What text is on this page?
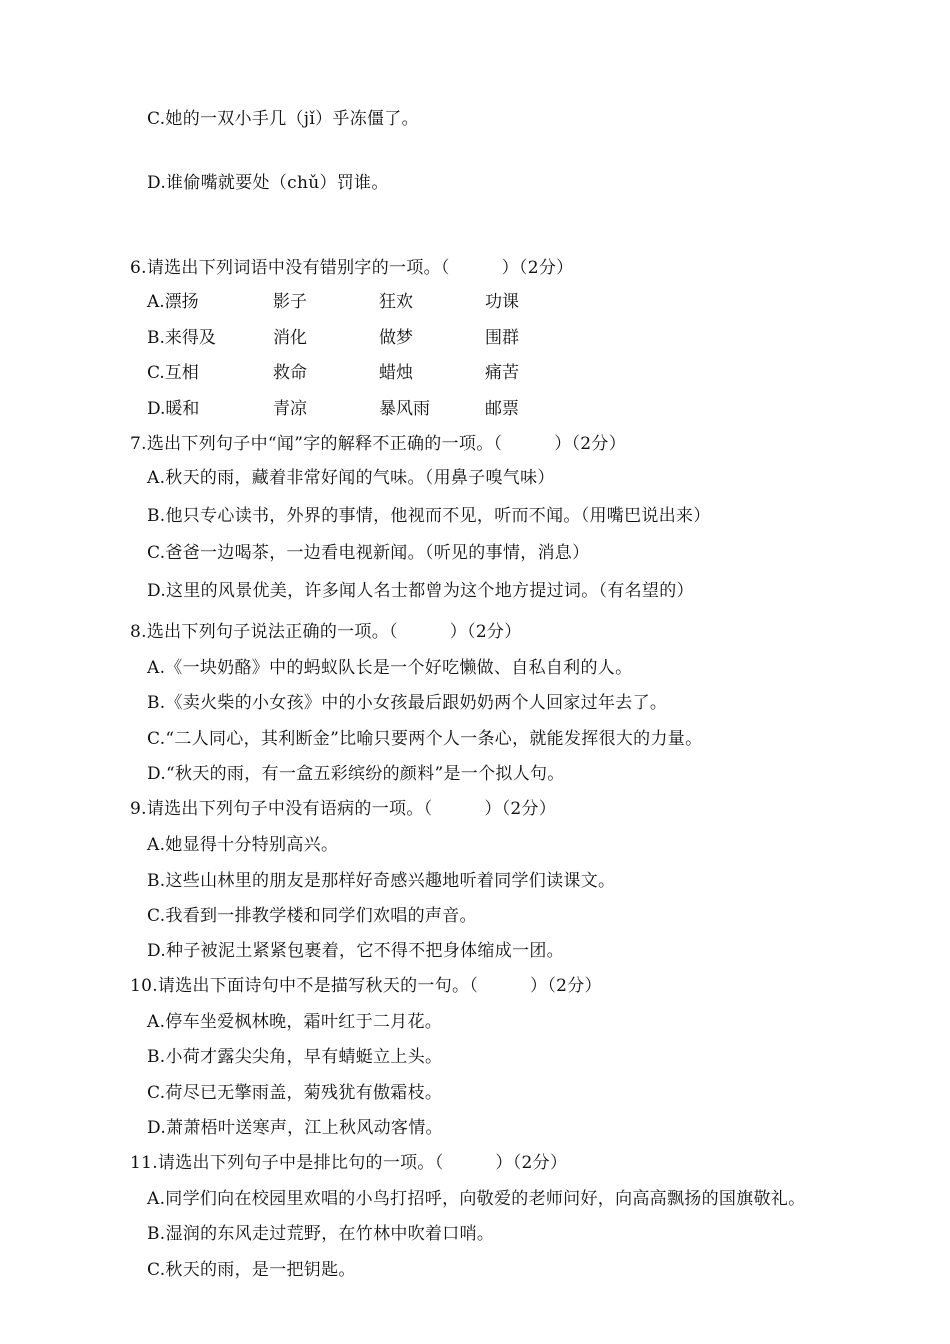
C.她的一双小手几（jǐ）乎冻僵了。
D.谁偷嘴就要处（chǔ）罚谁。
6.请选出下列词语中没有错别字的一项。（　　　）（2分）
A.漂扬	影子	狂欢	功课
B.来得及	消化	做梦	围群
C.互相	救命	蜡烛	痛苦
D.暖和	青凉	暴风雨	邮票
7.选出下列句子中“闻”字的解释不正确的一项。（　　　）（2分）
A.秋天的雨，藏着非常好闻的气味。（用鼻子嗅气味）
B.他只专心读书，外界的事情，他视而不见，听而不闻。（用嘴巴说出来）
C.爸爸一边喝茶，一边看电视新闻。（听见的事情，消息）
D.这里的风景优美，许多闻人名士都曾为这个地方提过词。（有名望的）
8.选出下列句子说法正确的一项。（　　　）（2分）
A.《一块奶酪》中的蚂蚁队长是一个好吃懒做、自私自利的人。
B.《卖火柴的小女孩》中的小女孩最后跟奶奶两个人回家过年去了。
C.“二人同心，其利断金”比喻只要两个人一条心，就能发挥很大的力量。
D.“秋天的雨，有一盒五彩缤纷的颜料”是一个拟人句。
9.请选出下列句子中没有语病的一项。（　　　）（2分）
A.她显得十分特别高兴。
B.这些山林里的朋友是那样好奇感兴趣地听着同学们读课文。
C.我看到一排教学楼和同学们欢唱的声音。
D.种子被泥土紧紧包裹着，它不得不把身体缩成一团。
10.请选出下面诗句中不是描写秋天的一句。（　　　）（2分）
A.停车坐爱枫林晚，霜叶红于二月花。
B.小荷才露尖尖角，早有蜻蜓立上头。
C.荷尽已无擎雨盖，菊残犹有傲霜枝。
D.萧萧梧叶送寒声，江上秋风动客情。
11.请选出下列句子中是排比句的一项。（　　　）（2分）
A.同学们向在校园里欢唱的小鸟打招呼，向敬爱的老师问好，向高高飘扬的国旗敬礼。
B.湿润的东风走过荒野，在竹林中吹着口哨。
C.秋天的雨，是一把钥匙。
